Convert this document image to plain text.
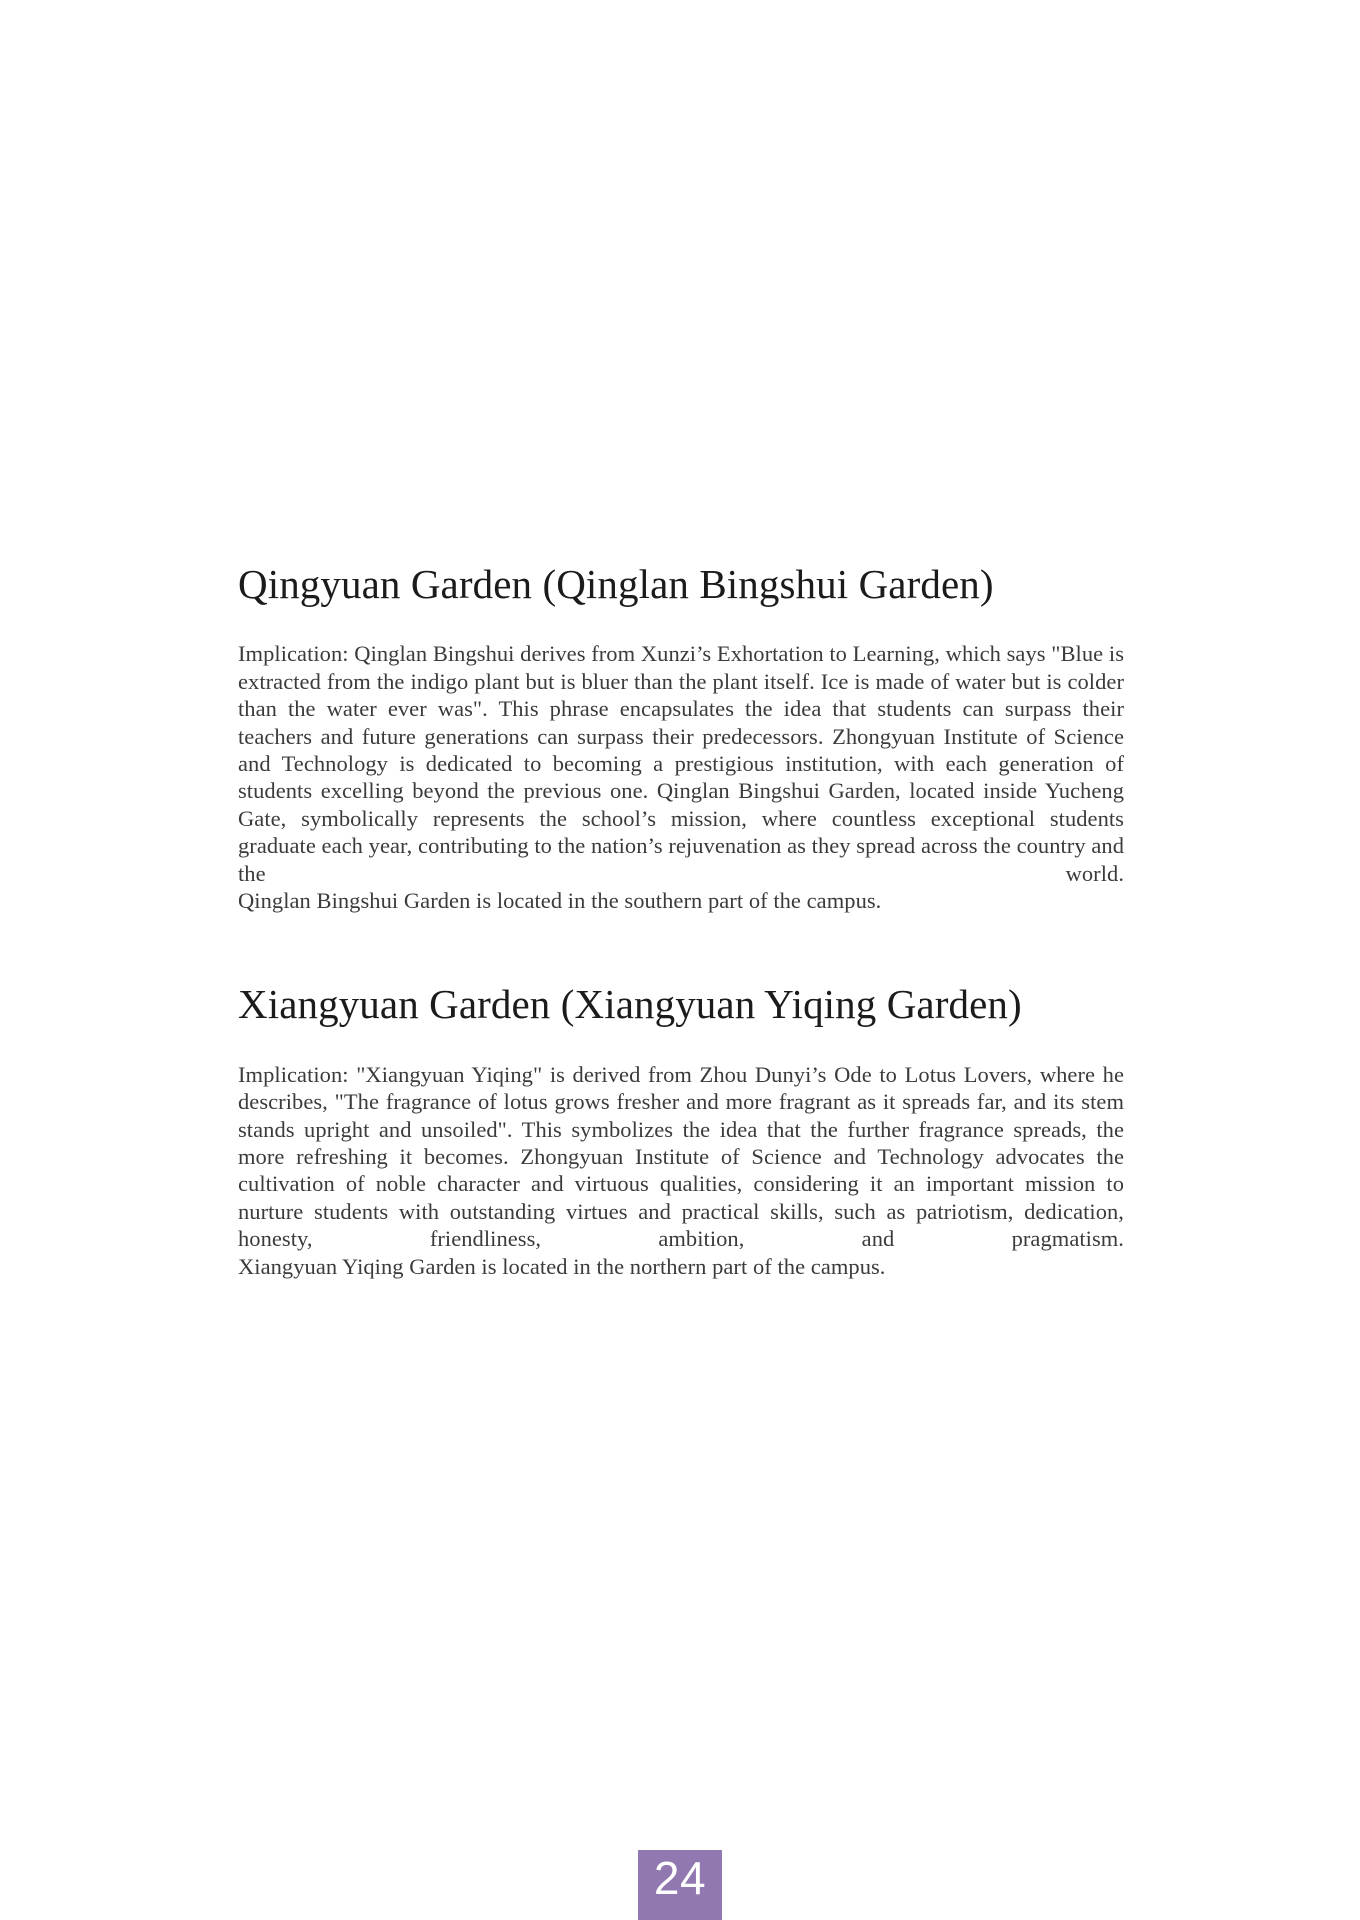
Qingyuan Garden (Qinglan Bingshui Garden)

Implication: Qinglan Bingshui derives from Xunzi’s Exhortation to Learning, which says "Blue is extracted from the indigo plant but is bluer than the plant itself. Ice is made of water but is colder than the water ever was". This phrase encapsulates the idea that students can surpass their teachers and future generations can surpass their predecessors. Zhongyuan Institute of Science and Technology is dedicated to becoming a prestigious institution, with each generation of students excelling beyond the previous one. Qinglan Bingshui Garden, located inside Yucheng Gate, symbolically represents the school’s mission, where countless exceptional students graduate each year, contributing to the nation’s rejuvenation as they spread across the country and the world.

Qinglan Bingshui Garden is located in the southern part of the campus.

Xiangyuan Garden (Xiangyuan Yiqing Garden)

Implication: "Xiangyuan Yiqing" is derived from Zhou Dunyi’s Ode to Lotus Lovers, where he describes, "The fragrance of lotus grows fresher and more fragrant as it spreads far, and its stem stands upright and unsoiled". This symbolizes the idea that the further fragrance spreads, the more refreshing it becomes. Zhongyuan Institute of Science and Technology advocates the cultivation of noble character and virtuous qualities, considering it an important mission to nurture students with outstanding virtues and practical skills, such as patriotism, dedication, honesty, friendliness, ambition, and pragmatism.

Xiangyuan Yiqing Garden is located in the northern part of the campus.

24
